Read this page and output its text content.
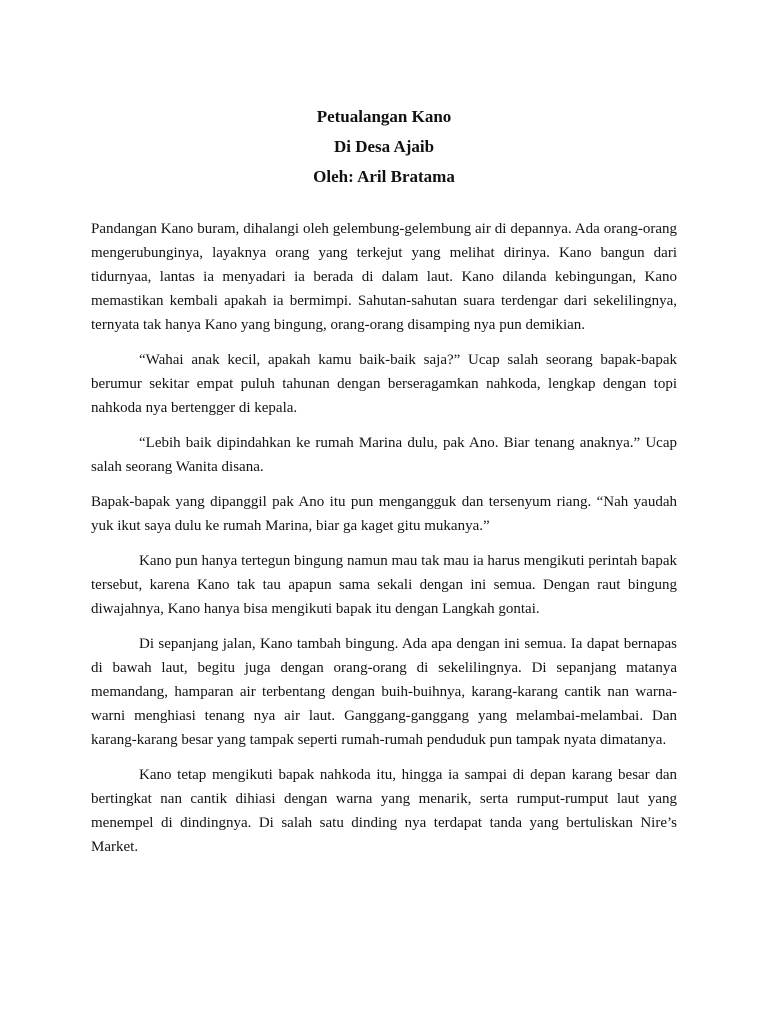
Petualangan Kano
Di Desa Ajaib
Oleh: Aril Bratama

Pandangan Kano buram, dihalangi oleh gelembung-gelembung air di depannya. Ada orang-orang mengerubunginya, layaknya orang yang terkejut yang melihat dirinya. Kano bangun dari tidurnyaa, lantas ia menyadari ia berada di dalam laut. Kano dilanda kebingungan, Kano memastikan kembali apakah ia bermimpi. Sahutan-sahutan suara terdengar dari sekelilingnya, ternyata tak hanya Kano yang bingung, orang-orang disamping nya pun demikian.

“Wahai anak kecil, apakah kamu baik-baik saja?” Ucap salah seorang bapak-bapak berumur sekitar empat puluh tahunan dengan berseragamkan nahkoda, lengkap dengan topi nahkoda nya bertengger di kepala.

“Lebih baik dipindahkan ke rumah Marina dulu, pak Ano. Biar tenang anaknya.” Ucap salah seorang Wanita disana.

Bapak-bapak yang dipanggil pak Ano itu pun mengangguk dan tersenyum riang. “Nah yaudah yuk ikut saya dulu ke rumah Marina, biar ga kaget gitu mukanya.”

Kano pun hanya tertegun bingung namun mau tak mau ia harus mengikuti perintah bapak tersebut, karena Kano tak tau apapun sama sekali dengan ini semua. Dengan raut bingung diwajahnya, Kano hanya bisa mengikuti bapak itu dengan Langkah gontai.

Di sepanjang jalan, Kano tambah bingung. Ada apa dengan ini semua. Ia dapat bernapas di bawah laut, begitu juga dengan orang-orang di sekelilingnya. Di sepanjang matanya memandang, hamparan air terbentang dengan buih-buihnya, karang-karang cantik nan warna-warni menghiasi tenang nya air laut. Ganggang-ganggang yang melambai-melambai. Dan karang-karang besar yang tampak seperti rumah-rumah penduduk pun tampak nyata dimatanya.

Kano tetap mengikuti bapak nahkoda itu, hingga ia sampai di depan karang besar dan bertingkat nan cantik dihiasi dengan warna yang menarik, serta rumput-rumput laut yang menempel di dindingnya. Di salah satu dinding nya terdapat tanda yang bertuliskan Nire’s Market.
